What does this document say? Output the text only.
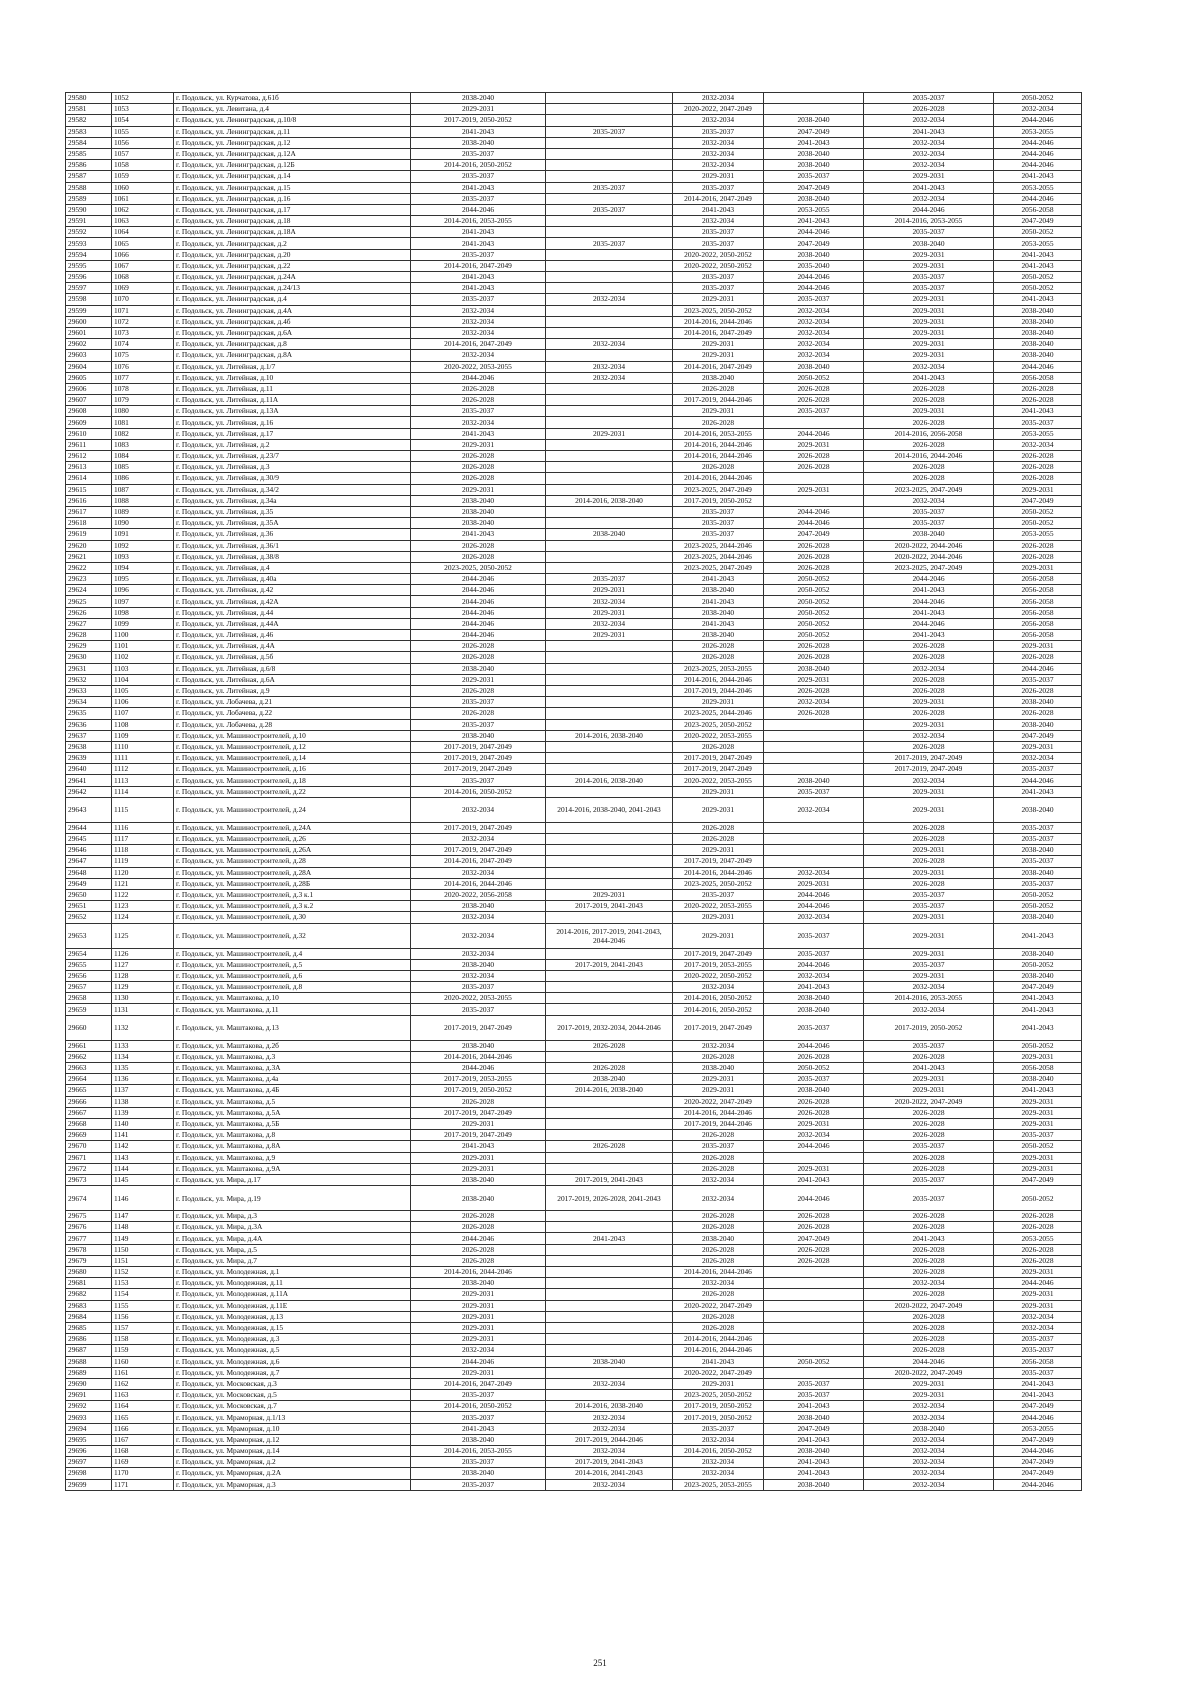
29580	1052	г. Подольск, ул. Курчатова, д.61б	2038-2040		2032-2034		2035-2037	2050-2052
29581	1053	г. Подольск, ул. Левитана, д.4	2029-2031		2020-2022, 2047-2049		2026-2028	2032-2034
29582	1054	г. Подольск, ул. Ленинградская, д.10/8	2017-2019, 2050-2052		2032-2034	2038-2040	2032-2034	2044-2046
29583	1055	г. Подольск, ул. Ленинградская, д.11	2041-2043	2035-2037	2035-2037	2047-2049	2041-2043	2053-2055
29584	1056	г. Подольск, ул. Ленинградская, д.12	2038-2040		2032-2034	2041-2043	2032-2034	2044-2046
29585	1057	г. Подольск, ул. Ленинградская, д.12А	2035-2037		2032-2034	2038-2040	2032-2034	2044-2046
29586	1058	г. Подольск, ул. Ленинградская, д.12Б	2014-2016, 2050-2052		2032-2034	2038-2040	2032-2034	2044-2046
29587	1059	г. Подольск, ул. Ленинградская, д.14	2035-2037		2029-2031	2035-2037	2029-2031	2041-2043
29588	1060	г. Подольск, ул. Ленинградская, д.15	2041-2043	2035-2037	2035-2037	2047-2049	2041-2043	2053-2055
29589	1061	г. Подольск, ул. Ленинградская, д.16	2035-2037		2014-2016, 2047-2049	2038-2040	2032-2034	2044-2046
29590	1062	г. Подольск, ул. Ленинградская, д.17	2044-2046	2035-2037	2041-2043	2053-2055	2044-2046	2056-2058
29591	1063	г. Подольск, ул. Ленинградская, д.18	2014-2016, 2053-2055		2032-2034	2041-2043	2014-2016, 2053-2055	2047-2049
29592	1064	г. Подольск, ул. Ленинградская, д.18А	2041-2043		2035-2037	2044-2046	2035-2037	2050-2052
29593	1065	г. Подольск, ул. Ленинградская, д.2	2041-2043	2035-2037	2035-2037	2047-2049	2038-2040	2053-2055
29594	1066	г. Подольск, ул. Ленинградская, д.20	2035-2037		2020-2022, 2050-2052	2038-2040	2029-2031	2041-2043
29595	1067	г. Подольск, ул. Ленинградская, д.22	2014-2016, 2047-2049		2020-2022, 2050-2052	2035-2040	2029-2031	2041-2043
29596	1068	г. Подольск, ул. Ленинградская, д.24А	2041-2043		2035-2037	2044-2046	2035-2037	2050-2052
29597	1069	г. Подольск, ул. Ленинградская, д.24/13	2041-2043		2035-2037	2044-2046	2035-2037	2050-2052
29598	1070	г. Подольск, ул. Ленинградская, д.4	2035-2037	2032-2034	2029-2031	2035-2037	2029-2031	2041-2043
29599	1071	г. Подольск, ул. Ленинградская, д.4А	2032-2034		2023-2025, 2050-2052	2032-2034	2029-2031	2038-2040
29600	1072	г. Подольск, ул. Ленинградская, д.4б	2032-2034		2014-2016, 2044-2046	2032-2034	2029-2031	2038-2040
29601	1073	г. Подольск, ул. Ленинградская, д.6А	2032-2034		2014-2016, 2047-2049	2032-2034	2029-2031	2038-2040
29602	1074	г. Подольск, ул. Ленинградская, д.8	2014-2016, 2047-2049	2032-2034	2029-2031	2032-2034	2029-2031	2038-2040
29603	1075	г. Подольск, ул. Ленинградская, д.8А	2032-2034		2029-2031	2032-2034	2029-2031	2038-2040
29604	1076	г. Подольск, ул. Литейная, д.1/7	2020-2022, 2053-2055	2032-2034	2014-2016, 2047-2049	2038-2040	2032-2034	2044-2046
29605	1077	г. Подольск, ул. Литейная, д.10	2044-2046	2032-2034	2038-2040	2050-2052	2041-2043	2056-2058
29606	1078	г. Подольск, ул. Литейная, д.11	2026-2028		2026-2028	2026-2028	2026-2028	2026-2028
29607	1079	г. Подольск, ул. Литейная, д.11А	2026-2028		2017-2019, 2044-2046	2026-2028	2026-2028	2026-2028
29608	1080	г. Подольск, ул. Литейная, д.13А	2035-2037		2029-2031	2035-2037	2029-2031	2041-2043
29609	1081	г. Подольск, ул. Литейная, д.16	2032-2034		2026-2028		2026-2028	2035-2037
29610	1082	г. Подольск, ул. Литейная, д.17	2041-2043	2029-2031	2014-2016, 2053-2055	2044-2046	2014-2016, 2056-2058	2053-2055
29611	1083	г. Подольск, ул. Литейная, д.2	2029-2031		2014-2016, 2044-2046	2029-2031	2026-2028	2032-2034
29612	1084	г. Подольск, ул. Литейная, д.23/7	2026-2028		2014-2016, 2044-2046	2026-2028	2014-2016, 2044-2046	2026-2028
29613	1085	г. Подольск, ул. Литейная, д.3	2026-2028		2026-2028	2026-2028	2026-2028	2026-2028
29614	1086	г. Подольск, ул. Литейная, д.30/9	2026-2028		2014-2016, 2044-2046		2026-2028	2026-2028
29615	1087	г. Подольск, ул. Литейная, д.34/2	2029-2031		2023-2025, 2047-2049	2029-2031	2023-2025, 2047-2049	2029-2031
29616	1088	г. Подольск, ул. Литейная, д.34а	2038-2040	2014-2016, 2038-2040	2017-2019, 2050-2052		2032-2034	2047-2049
29617	1089	г. Подольск, ул. Литейная, д.35	2038-2040		2035-2037	2044-2046	2035-2037	2050-2052
29618	1090	г. Подольск, ул. Литейная, д.35А	2038-2040		2035-2037	2044-2046	2035-2037	2050-2052
29619	1091	г. Подольск, ул. Литейная, д.36	2041-2043	2038-2040	2035-2037	2047-2049	2038-2040	2053-2055
29620	1092	г. Подольск, ул. Литейная, д.36/1	2026-2028		2023-2025, 2044-2046	2026-2028	2020-2022, 2044-2046	2026-2028
29621	1093	г. Подольск, ул. Литейная, д.38/8	2026-2028		2023-2025, 2044-2046	2026-2028	2020-2022, 2044-2046	2026-2028
29622	1094	г. Подольск, ул. Литейная, д.4	2023-2025, 2050-2052		2023-2025, 2047-2049	2026-2028	2023-2025, 2047-2049	2029-2031
29623	1095	г. Подольск, ул. Литейная, д.40а	2044-2046	2035-2037	2041-2043	2050-2052	2044-2046	2056-2058
29624	1096	г. Подольск, ул. Литейная, д.42	2044-2046	2029-2031	2038-2040	2050-2052	2041-2043	2056-2058
29625	1097	г. Подольск, ул. Литейная, д.42А	2044-2046	2032-2034	2041-2043	2050-2052	2044-2046	2056-2058
29626	1098	г. Подольск, ул. Литейная, д.44	2044-2046	2029-2031	2038-2040	2050-2052	2041-2043	2056-2058
29627	1099	г. Подольск, ул. Литейная, д.44А	2044-2046	2032-2034	2041-2043	2050-2052	2044-2046	2056-2058
29628	1100	г. Подольск, ул. Литейная, д.46	2044-2046	2029-2031	2038-2040	2050-2052	2041-2043	2056-2058
29629	1101	г. Подольск, ул. Литейная, д.4А	2026-2028		2026-2028	2026-2028	2026-2028	2029-2031
29630	1102	г. Подольск, ул. Литейная, д.5б	2026-2028		2026-2028	2026-2028	2026-2028	2026-2028
29631	1103	г. Подольск, ул. Литейная, д.6/8	2038-2040		2023-2025, 2053-2055	2038-2040	2032-2034	2044-2046
29632	1104	г. Подольск, ул. Литейная, д.6А	2029-2031		2014-2016, 2044-2046	2029-2031	2026-2028	2035-2037
29633	1105	г. Подольск, ул. Литейная, д.9	2026-2028		2017-2019, 2044-2046	2026-2028	2026-2028	2026-2028
29634	1106	г. Подольск, ул. Лобачева, д.21	2035-2037		2029-2031	2032-2034	2029-2031	2038-2040
29635	1107	г. Подольск, ул. Лобачева, д.22	2026-2028		2023-2025, 2044-2046	2026-2028	2026-2028	2026-2028
29636	1108	г. Подольск, ул. Лобачева, д.28	2035-2037		2023-2025, 2050-2052		2029-2031	2038-2040
29637	1109	г. Подольск, ул. Машиностроителей, д.10	2038-2040	2014-2016, 2038-2040	2020-2022, 2053-2055		2032-2034	2047-2049
29638	1110	г. Подольск, ул. Машиностроителей, д.12	2017-2019, 2047-2049		2026-2028		2026-2028	2029-2031
29639	1111	г. Подольск, ул. Машиностроителей, д.14	2017-2019, 2047-2049		2017-2019, 2047-2049		2017-2019, 2047-2049	2032-2034
29640	1112	г. Подольск, ул. Машиностроителей, д.16	2017-2019, 2047-2049		2017-2019, 2047-2049		2017-2019, 2047-2049	2035-2037
29641	1113	г. Подольск, ул. Машиностроителей, д.18	2035-2037	2014-2016, 2038-2040	2020-2022, 2053-2055	2038-2040	2032-2034	2044-2046
29642	1114	г. Подольск, ул. Машиностроителей, д.22	2014-2016, 2050-2052		2029-2031	2035-2037	2029-2031	2041-2043
29643	1115	г. Подольск, ул. Машиностроителей, д.24	2032-2034	2014-2016, 2038-2040, 2041-2043	2029-2031	2032-2034	2029-2031	2038-2040
29644	1116	г. Подольск, ул. Машиностроителей, д.24А	2017-2019, 2047-2049		2026-2028		2026-2028	2035-2037
29645	1117	г. Подольск, ул. Машиностроителей, д.26	2032-2034		2026-2028		2026-2028	2035-2037
29646	1118	г. Подольск, ул. Машиностроителей, д.26А	2017-2019, 2047-2049		2029-2031		2029-2031	2038-2040
29647	1119	г. Подольск, ул. Машиностроителей, д.28	2014-2016, 2047-2049		2017-2019, 2047-2049		2026-2028	2035-2037
29648	1120	г. Подольск, ул. Машиностроителей, д.28А	2032-2034		2014-2016, 2044-2046	2032-2034	2029-2031	2038-2040
29649	1121	г. Подольск, ул. Машиностроителей, д.28Б	2014-2016, 2044-2046		2023-2025, 2050-2052	2029-2031	2026-2028	2035-2037
29650	1122	г. Подольск, ул. Машиностроителей, д.3 к.1	2020-2022, 2056-2058	2029-2031	2035-2037	2044-2046	2035-2037	2050-2052
29651	1123	г. Подольск, ул. Машиностроителей, д.3 к.2	2038-2040	2017-2019, 2041-2043	2020-2022, 2053-2055	2044-2046	2035-2037	2050-2052
29652	1124	г. Подольск, ул. Машиностроителей, д.30	2032-2034		2029-2031	2032-2034	2029-2031	2038-2040
29653	1125	г. Подольск, ул. Машиностроителей, д.32	2032-2034	2014-2016, 2017-2019, 2041-2043, 2044-2046	2029-2031	2035-2037	2029-2031	2041-2043
29654	1126	г. Подольск, ул. Машиностроителей, д.4	2032-2034		2017-2019, 2047-2049	2035-2037	2029-2031	2038-2040
29655	1127	г. Подольск, ул. Машиностроителей, д.5	2038-2040	2017-2019, 2041-2043	2017-2019, 2053-2055	2044-2046	2035-2037	2050-2052
29656	1128	г. Подольск, ул. Машиностроителей, д.6	2032-2034		2020-2022, 2050-2052	2032-2034	2029-2031	2038-2040
29657	1129	г. Подольск, ул. Машиностроителей, д.8	2035-2037		2032-2034	2041-2043	2032-2034	2047-2049
29658	1130	г. Подольск, ул. Маштакова, д.10	2020-2022, 2053-2055		2014-2016, 2050-2052	2038-2040	2014-2016, 2053-2055	2041-2043
29659	1131	г. Подольск, ул. Маштакова, д.11	2035-2037		2014-2016, 2050-2052	2038-2040	2032-2034	2041-2043
29660	1132	г. Подольск, ул. Маштакова, д.13	2017-2019, 2047-2049	2017-2019, 2032-2034, 2044-2046	2017-2019, 2047-2049	2035-2037	2017-2019, 2050-2052	2041-2043
29661	1133	г. Подольск, ул. Маштакова, д.2б	2038-2040	2026-2028	2032-2034	2044-2046	2035-2037	2050-2052
29662	1134	г. Подольск, ул. Маштакова, д.3	2014-2016, 2044-2046		2026-2028	2026-2028	2026-2028	2029-2031
29663	1135	г. Подольск, ул. Маштакова, д.3А	2044-2046	2026-2028	2038-2040	2050-2052	2041-2043	2056-2058
29664	1136	г. Подольск, ул. Маштакова, д.4а	2017-2019, 2053-2055	2038-2040	2029-2031	2035-2037	2029-2031	2038-2040
29665	1137	г. Подольск, ул. Маштакова, д.4Б	2017-2019, 2050-2052	2014-2016, 2038-2040	2029-2031	2038-2040	2029-2031	2041-2043
29666	1138	г. Подольск, ул. Маштакова, д.5	2026-2028		2020-2022, 2047-2049	2026-2028	2020-2022, 2047-2049	2029-2031
29667	1139	г. Подольск, ул. Маштакова, д.5А	2017-2019, 2047-2049		2014-2016, 2044-2046	2026-2028	2026-2028	2029-2031
29668	1140	г. Подольск, ул. Маштакова, д.5Б	2029-2031		2017-2019, 2044-2046	2029-2031	2026-2028	2029-2031
29669	1141	г. Подольск, ул. Маштакова, д.8	2017-2019, 2047-2049		2026-2028	2032-2034	2026-2028	2035-2037
29670	1142	г. Подольск, ул. Маштакова, д.8А	2041-2043	2026-2028	2035-2037	2044-2046	2035-2037	2050-2052
29671	1143	г. Подольск, ул. Маштакова, д.9	2029-2031		2026-2028		2026-2028	2029-2031
29672	1144	г. Подольск, ул. Маштакова, д.9А	2029-2031		2026-2028	2029-2031	2026-2028	2029-2031
29673	1145	г. Подольск, ул. Мира, д.17	2038-2040	2017-2019, 2041-2043	2032-2034	2041-2043	2035-2037	2047-2049
29674	1146	г. Подольск, ул. Мира, д.19	2038-2040	2017-2019, 2026-2028, 2041-2043	2032-2034	2044-2046	2035-2037	2050-2052
29675	1147	г. Подольск, ул. Мира, д.3	2026-2028		2026-2028	2026-2028	2026-2028	2026-2028
29676	1148	г. Подольск, ул. Мира, д.3А	2026-2028		2026-2028	2026-2028	2026-2028	2026-2028
29677	1149	г. Подольск, ул. Мира, д.4А	2044-2046	2041-2043	2038-2040	2047-2049	2041-2043	2053-2055
29678	1150	г. Подольск, ул. Мира, д.5	2026-2028		2026-2028	2026-2028	2026-2028	2026-2028
29679	1151	г. Подольск, ул. Мира, д.7	2026-2028		2026-2028	2026-2028	2026-2028	2026-2028
29680	1152	г. Подольск, ул. Молодежная, д.1	2014-2016, 2044-2046		2014-2016, 2044-2046		2026-2028	2029-2031
29681	1153	г. Подольск, ул. Молодежная, д.11	2038-2040		2032-2034		2032-2034	2044-2046
29682	1154	г. Подольск, ул. Молодежная, д.11А	2029-2031		2026-2028		2026-2028	2029-2031
29683	1155	г. Подольск, ул. Молодежная, д.11Е	2029-2031		2020-2022, 2047-2049		2020-2022, 2047-2049	2029-2031
29684	1156	г. Подольск, ул. Молодежная, д.13	2029-2031		2026-2028		2026-2028	2032-2034
29685	1157	г. Подольск, ул. Молодежная, д.15	2029-2031		2026-2028		2026-2028	2032-2034
29686	1158	г. Подольск, ул. Молодежная, д.3	2029-2031		2014-2016, 2044-2046		2026-2028	2035-2037
29687	1159	г. Подольск, ул. Молодежная, д.5	2032-2034		2014-2016, 2044-2046		2026-2028	2035-2037
29688	1160	г. Подольск, ул. Молодежная, д.6	2044-2046	2038-2040	2041-2043	2050-2052	2044-2046	2056-2058
29689	1161	г. Подольск, ул. Молодежная, д.7	2029-2031		2020-2022, 2047-2049		2020-2022, 2047-2049	2035-2037
29690	1162	г. Подольск, ул. Московская, д.3	2014-2016, 2047-2049	2032-2034	2029-2031	2035-2037	2029-2031	2041-2043
29691	1163	г. Подольск, ул. Московская, д.5	2035-2037		2023-2025, 2050-2052	2035-2037	2029-2031	2041-2043
29692	1164	г. Подольск, ул. Московская, д.7	2014-2016, 2050-2052	2014-2016, 2038-2040	2017-2019, 2050-2052	2041-2043	2032-2034	2047-2049
29693	1165	г. Подольск, ул. Мраморная, д.1/13	2035-2037	2032-2034	2017-2019, 2050-2052	2038-2040	2032-2034	2044-2046
29694	1166	г. Подольск, ул. Мраморная, д.10	2041-2043	2032-2034	2035-2037	2047-2049	2038-2040	2053-2055
29695	1167	г. Подольск, ул. Мраморная, д.12	2038-2040	2017-2019, 2044-2046	2032-2034	2041-2043	2032-2034	2047-2049
29696	1168	г. Подольск, ул. Мраморная, д.14	2014-2016, 2053-2055	2032-2034	2014-2016, 2050-2052	2038-2040	2032-2034	2044-2046
29697	1169	г. Подольск, ул. Мраморная, д.2	2035-2037	2017-2019, 2041-2043	2032-2034	2041-2043	2032-2034	2047-2049
29698	1170	г. Подольск, ул. Мраморная, д.2А	2038-2040	2014-2016, 2041-2043	2032-2034	2041-2043	2032-2034	2047-2049
29699	1171	г. Подольск, ул. Мраморная, д.3	2035-2037	2032-2034	2023-2025, 2053-2055	2038-2040	2032-2034	2044-2046
251
